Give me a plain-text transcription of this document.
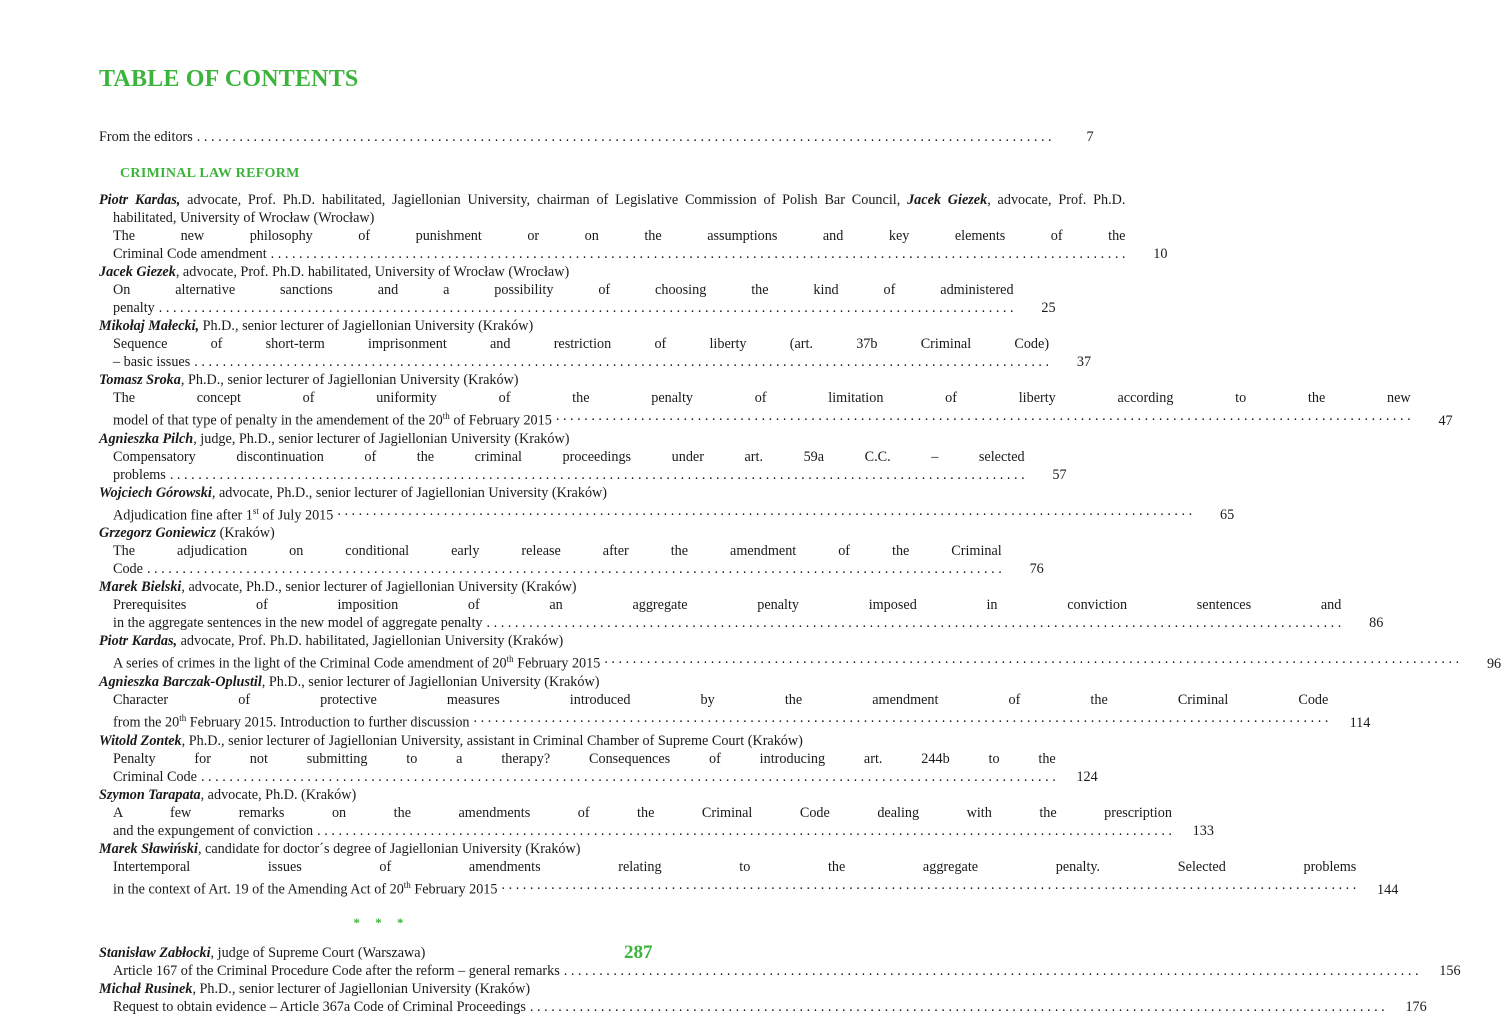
TABLE OF CONTENTS
From the editors . . .	7
CRIMINAL LAW REFORM
Piotr Kardas, advocate, Prof. Ph.D. habilitated, Jagiellonian University, chairman of Legislative Commission of Polish Bar Council, Jacek Giezek, advocate, Prof. Ph.D. habilitated, University of Wrocław (Wrocław)
The new philosophy of punishment or on the assumptions and key elements of the
Criminal Code amendment . . .	10
Jacek Giezek, advocate, Prof. Ph.D. habilitated, University of Wrocław (Wrocław)
On alternative sanctions and a possibility of choosing the kind of administered
penalty . . .	25
Mikołaj Małecki, Ph.D., senior lecturer of Jagiellonian University (Kraków)
Sequence of short-term imprisonment and restriction of liberty (art. 37b Criminal Code)
– basic issues . . .	37
Tomasz Sroka, Ph.D., senior lecturer of Jagiellonian University (Kraków)
The concept of uniformity of the penalty of limitation of liberty according to the new
model of that type of penalty in the amendement of the 20th of February 2015 . . .	47
Agnieszka Pilch, judge, Ph.D., senior lecturer of Jagiellonian University (Kraków)
Compensatory discontinuation of the criminal proceedings under art. 59a C.C. – selected
problems . . .	57
Wojciech Górowski, advocate, Ph.D., senior lecturer of Jagiellonian University (Kraków)
Adjudication fine after 1st of July 2015 . . .	65
Grzegorz Goniewicz (Kraków)
The adjudication on conditional early release after the amendment of the Criminal
Code . . .	76
Marek Bielski, advocate, Ph.D., senior lecturer of Jagiellonian University (Kraków)
Prerequisites of imposition of an aggregate penalty imposed in conviction sentences and
in the aggregate sentences in the new model of aggregate penalty . . .	86
Piotr Kardas, advocate, Prof. Ph.D. habilitated, Jagiellonian University (Kraków)
A series of crimes in the light of the Criminal Code amendment of 20th February 2015 . . .	96
Agnieszka Barczak-Oplustil, Ph.D., senior lecturer of Jagiellonian University (Kraków)
Character of protective measures introduced by the amendment of the Criminal Code
from the 20th February 2015. Introduction to further discussion . . .	114
Witold Zontek, Ph.D., senior lecturer of Jagiellonian University, assistant in Criminal Chamber of Supreme Court (Kraków)
Penalty for not submitting to a therapy? Consequences of introducing art. 244b to the
Criminal Code . . .	124
Szymon Tarapata, advocate, Ph.D. (Kraków)
A few remarks on the amendments of the Criminal Code dealing with the prescription
and the expungement of conviction . . .	133
Marek Sławiński, candidate for doctor´s degree of Jagiellonian University (Kraków)
Intertemporal issues of amendments relating to the aggregate penalty. Selected problems
in the context of Art. 19 of the Amending Act of 20th February 2015 . . .	144
* * *
Stanisław Zabłocki, judge of Supreme Court (Warszawa)
Article 167 of the Criminal Procedure Code after the reform – general remarks . . .	156
Michał Rusinek, Ph.D., senior lecturer of Jagiellonian University (Kraków)
Request to obtain evidence – Article 367a Code of Criminal Proceedings . . .	176
287
